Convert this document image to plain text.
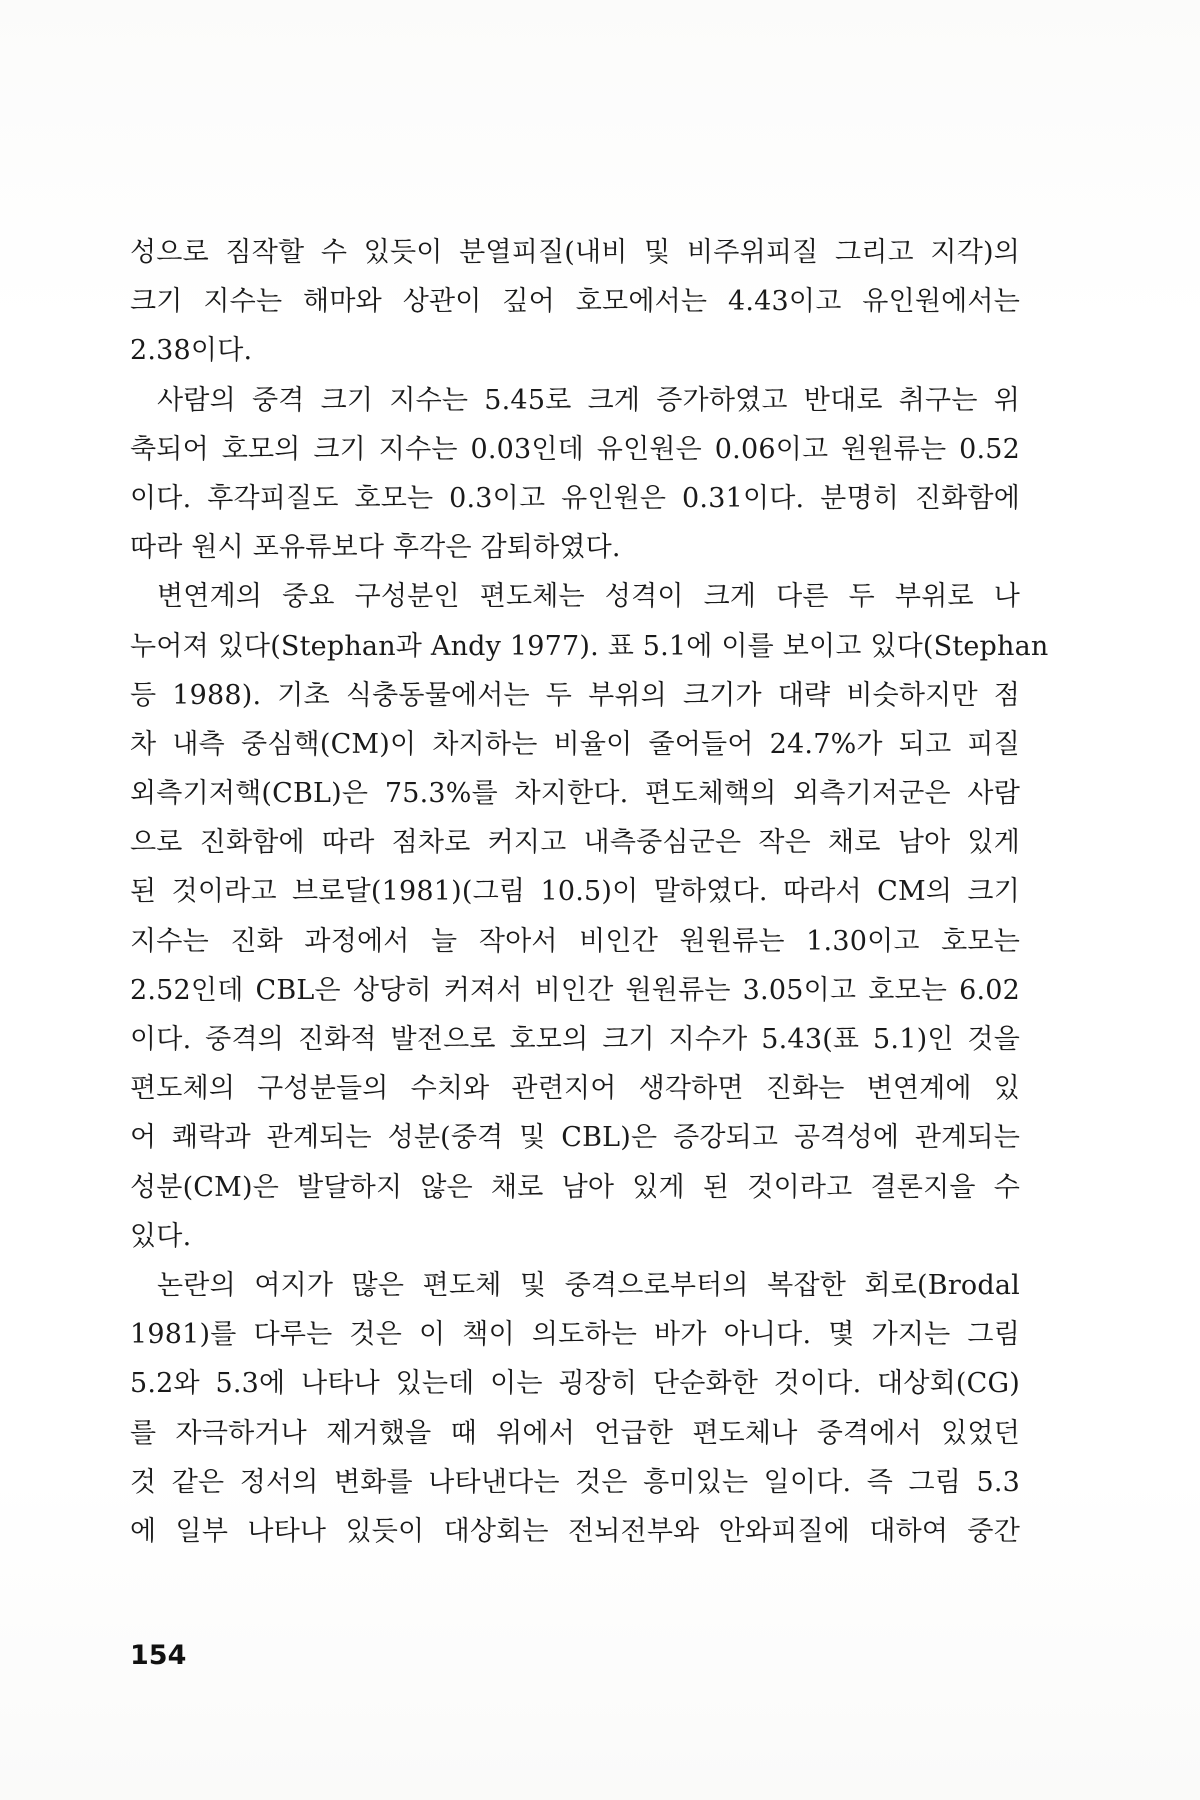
성으로 짐작할 수 있듯이 분열피질(내비 및 비주위피질 그리고 지각)의
크기 지수는 해마와 상관이 깊어 호모에서는 4.43이고 유인원에서는
2.38이다.
사람의 중격 크기 지수는 5.45로 크게 증가하였고 반대로 취구는 위
축되어 호모의 크기 지수는 0.03인데 유인원은 0.06이고 원원류는 0.52
이다. 후각피질도 호모는 0.3이고 유인원은 0.31이다. 분명히 진화함에
따라 원시 포유류보다 후각은 감퇴하였다.
변연계의 중요 구성분인 편도체는 성격이 크게 다른 두 부위로 나
누어져 있다(Stephan과 Andy 1977). 표 5.1에 이를 보이고 있다(Stephan
등 1988). 기초 식충동물에서는 두 부위의 크기가 대략 비슷하지만 점
차 내측 중심핵(CM)이 차지하는 비율이 줄어들어 24.7%가 되고 피질
외측기저핵(CBL)은 75.3%를 차지한다. 편도체핵의 외측기저군은 사람
으로 진화함에 따라 점차로 커지고 내측중심군은 작은 채로 남아 있게
된 것이라고 브로달(1981)(그림 10.5)이 말하였다. 따라서 CM의 크기
지수는 진화 과정에서 늘 작아서 비인간 원원류는 1.30이고 호모는
2.52인데 CBL은 상당히 커져서 비인간 원원류는 3.05이고 호모는 6.02
이다. 중격의 진화적 발전으로 호모의 크기 지수가 5.43(표 5.1)인 것을
편도체의 구성분들의 수치와 관련지어 생각하면 진화는 변연계에 있
어 쾌락과 관계되는 성분(중격 및 CBL)은 증강되고 공격성에 관계되는
성분(CM)은 발달하지 않은 채로 남아 있게 된 것이라고 결론지을 수
있다.
논란의 여지가 많은 편도체 및 중격으로부터의 복잡한 회로(Brodal
1981)를 다루는 것은 이 책이 의도하는 바가 아니다. 몇 가지는 그림
5.2와 5.3에 나타나 있는데 이는 굉장히 단순화한 것이다. 대상회(CG)
를 자극하거나 제거했을 때 위에서 언급한 편도체나 중격에서 있었던
것 같은 정서의 변화를 나타낸다는 것은 흥미있는 일이다. 즉 그림 5.3
에 일부 나타나 있듯이 대상회는 전뇌전부와 안와피질에 대하여 중간
154
